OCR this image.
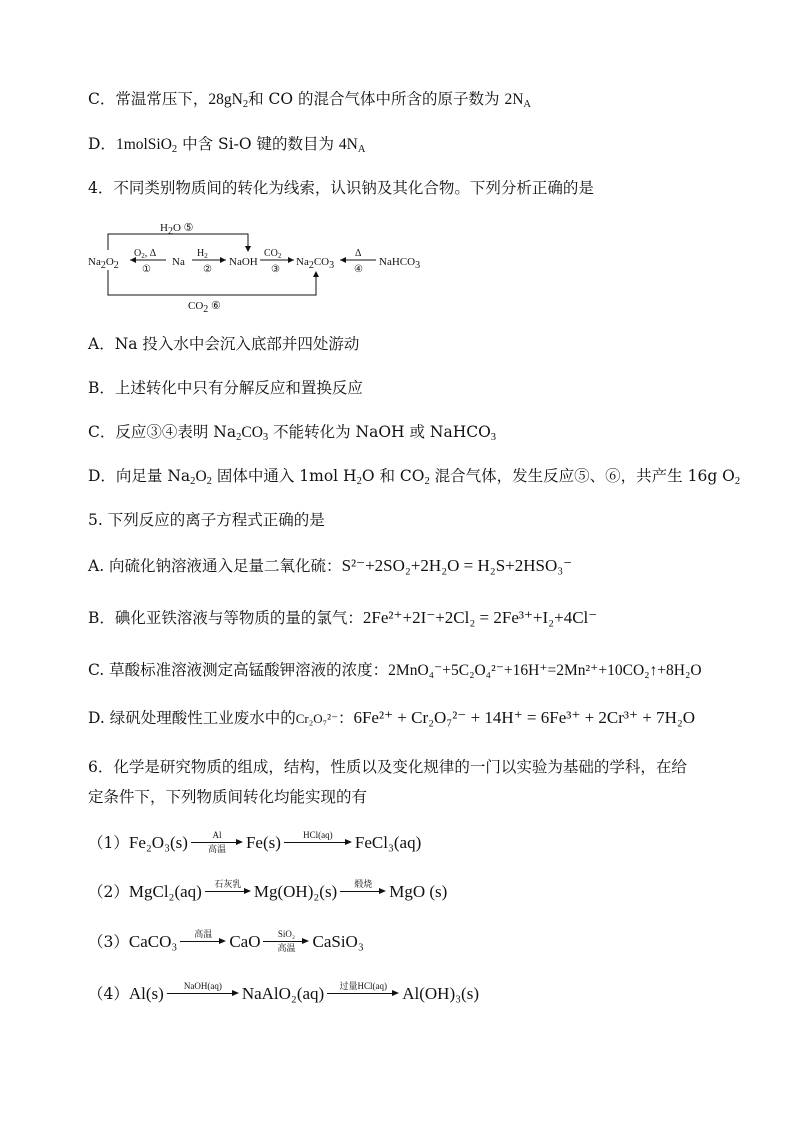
C．常温常压下，$28gN_2$和 CO 的混合气体中所含的原子数为 $2N_A$
D．1molSiO$_2$ 中含 Si-O 键的数目为 $4N_A$
4．不同类别物质间的转化为线索，认识钠及其化合物。下列分析正确的是
H2O ⑤
CO2 ⑥
Na2O2
$O_2$, Δ
①
Na
$H_2$
②
NaOH
$CO_2$
③
Na2CO3
Δ
④
NaHCO3
A．Na 投入水中会沉入底部并四处游动
B．上述转化中只有分解反应和置换反应
C．反应③④表明 $Na_2CO_3$ 不能转化为 NaOH 或 NaHCO$_3$
D．向足量 $Na_2O_2$ 固体中通入 1mol $H_2O$ 和 $CO_2$ 混合气体，发生反应⑤、⑥，共产生 16g $O_2$
5. 下列反应的离子方程式正确的是
A. 向硫化钠溶液通入足量二氧化硫：S²⁻+2SO₂+2H₂O = H₂S+2HSO₃⁻
B．碘化亚铁溶液与等物质的量的氯气：2Fe²⁺+2I⁻+2Cl₂ = 2Fe³⁺+I₂+4Cl⁻
C. 草酸标准溶液测定高锰酸钾溶液的浓度：2MnO₄⁻+5C₂O₄²⁻+16H⁺=2Mn²⁺+10CO₂↑+8H₂O
D. 绿矾处理酸性工业废水中的Cr₂O₇²⁻：6Fe²⁺ + Cr₂O₇²⁻ + 14H⁺ = 6Fe³⁺ + 2Cr³⁺ + 7H₂O
6．化学是研究物质的组成，结构，性质以及变化规律的一门以实验为基础的学科，在给
定条件下，下列物质间转化均能实现的有
（1）Fe₂O₃(s)	Al
高温	Fe(s)	HCl(aq)	FeCl₃(aq)
（2）MgCl₂(aq)	石灰乳 Mg(OH)₂(s)	煅烧	MgO (s)
（3）CaCO₃	高温	CaO	SiO₂
高温	CaSiO₃
（4）Al(s)	NaOH(aq)	NaAlO₂(aq)	过量HCl(aq) Al(OH)₃(s)
